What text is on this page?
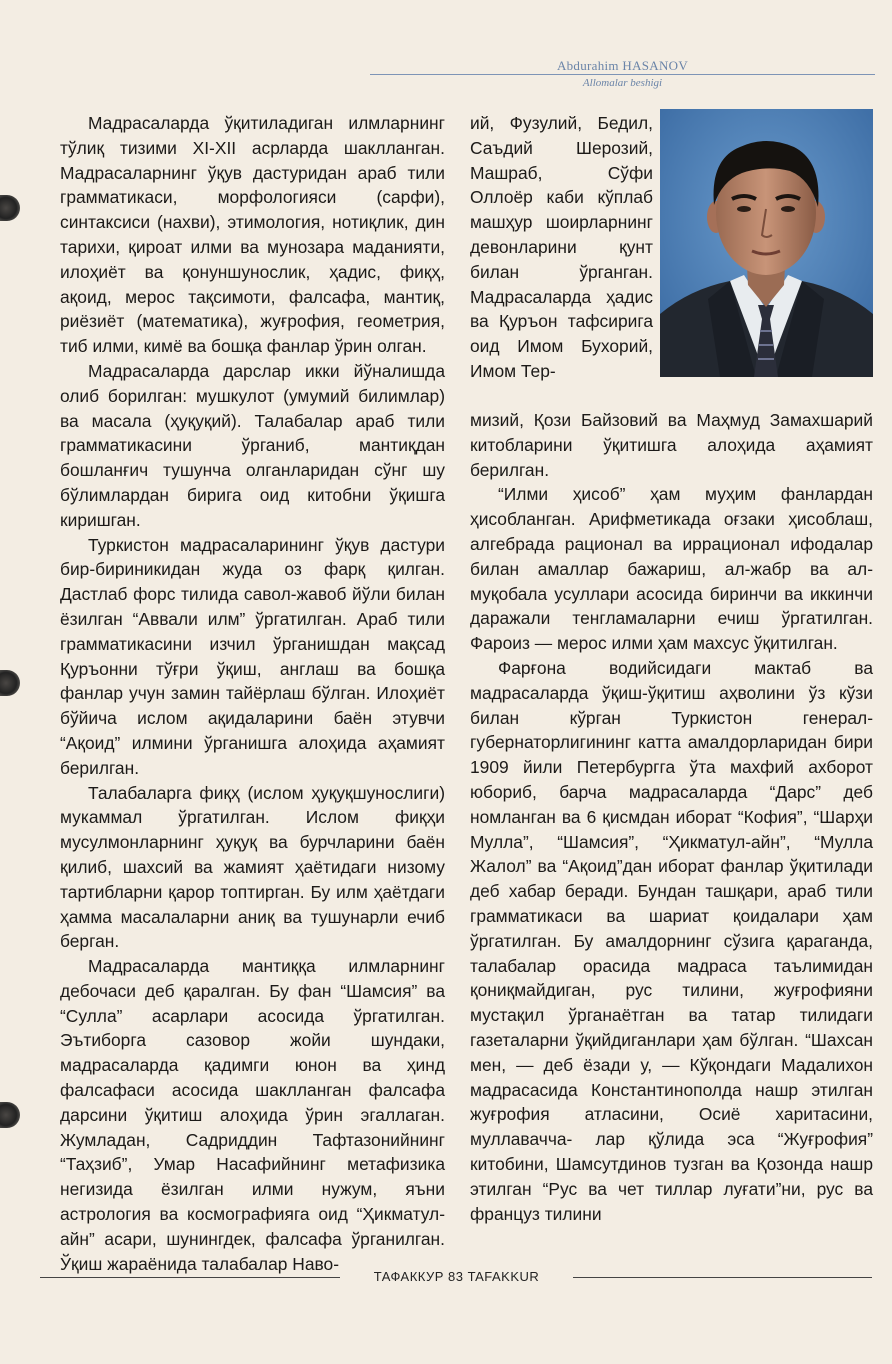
Abdurahim HASANOV
Allomalar beshigi

Мадрасаларда ўқитиладиган илмларнинг тўлиқ тизими XI-XII асрларда шаклланган. Мадрасаларнинг ўқув дастуридан араб тили грамматикаси, морфологияси (сарфи), синтаксиси (нахви), этимология, нотиқлик, дин тарихи, қироат илми ва мунозара маданияти, илоҳиёт ва қонуншунослик, ҳадис, фиқҳ, ақоид, мерос тақсимоти, фалсафа, мантиқ, риёзиёт (математика), жуғрофия, геометрия, тиб илми, кимё ва бошқа фанлар ўрин олган.

Мадрасаларда дарслар икки йўналишда олиб борилган: мушкулот (умумий билимлар) ва масала (ҳуқуқий). Талабалар араб тили грамматикасини ўрганиб, мантиқдан бошланғич тушунча олганларидан сўнг шу бўлимлардан бирига оид китобни ўқишга киришган.

Туркистон мадрасаларининг ўқув дастури бир-бириникидан жуда оз фарқ қилган. Дастлаб форс тилида савол-жавоб йўли билан ёзилган “Аввали илм” ўргатилган. Араб тили грамматикасини изчил ўрганишдан мақсад Қуръонни тўғри ўқиш, англаш ва бошқа фанлар учун замин тайёрлаш бўлган. Илоҳиёт бўйича ислом ақидаларини баён этувчи “Ақоид” илмини ўрганишга алоҳида аҳамият берилган.

Талабаларга фиқҳ (ислом ҳуқуқшунослиги) мукаммал ўргатилган. Ислом фиқҳи мусулмонларнинг ҳуқуқ ва бурчларини баён қилиб, шахсий ва жамият ҳаётидаги низому тартибларни қарор топтирган. Бу илм ҳаётдаги ҳамма масалаларни аниқ ва тушунарли ечиб берган.

Мадрасаларда мантиққа илмларнинг дебочаси деб қаралган. Бу фан “Шамсия” ва “Сулла” асарлари асосида ўргатилган. Эътиборга сазовор жойи шундаки, мадрасаларда қадимги юнон ва ҳинд фалсафаси асосида шаклланган фалсафа дарсини ўқитиш алоҳида ўрин эгаллаган. Жумладан, Садриддин Тафтазонийнинг “Таҳзиб”, Умар Насафийнинг метафизика негизида ёзилган илми нужум, яъни астрология ва космографияга оид “Ҳикматул-айн” асари, шунингдек, фалсафа ўрганилган. Ўқиш жараёнида талабалар Наво-

ий, Фузулий, Бедил, Саъдий Шерозий, Машраб, Сўфи Оллоёр каби кўплаб машҳур шоирларнинг девонларини қунт билан ўрганган. Мадрасаларда ҳадис ва Қуръон тафсирига оид Имом Бухорий, Имом Тер-

мизий, Қози Байзовий ва Маҳмуд Замахшарий китобларини ўқитишга алоҳида аҳамият берилган.

“Илми ҳисоб” ҳам муҳим фанлардан ҳисобланган. Арифметикада оғзаки ҳисоблаш, алгебрада рационал ва иррационал ифодалар билан амаллар бажариш, ал-жабр ва ал-муқобала усуллари асосида биринчи ва иккинчи даражали тенгламаларни ечиш ўргатилган. Фароиз — мерос илми ҳам махсус ўқитилган.

Фарғона водийсидаги мактаб ва мадрасаларда ўқиш-ўқитиш аҳволини ўз кўзи билан кўрган Туркистон генерал-губернаторлигининг катта амалдорларидан бири 1909 йили Петербургга ўта махфий ахборот юбориб, барча мадрасаларда “Дарс” деб номланган ва 6 қисмдан иборат “Кофия”, “Шарҳи Мулла”, “Шамсия”, “Ҳикматул-айн”, “Мулла Жалол” ва “Ақоид”дан иборат фанлар ўқитилади деб хабар беради. Бундан ташқари, араб тили грамматикаси ва шариат қоидалари ҳам ўргатилган. Бу амалдорнинг сўзига қараганда, талабалар орасида мадраса таълимидан қониқмайдиган, рус тилини, жуғрофияни мустақил ўрганаётган ва татар тилидаги газеталарни ўқийдиганлари ҳам бўлган. “Шахсан мен, — деб ёзади у, — Кўқондаги Мадалихон мадрасасида Константинополда нашр этилган жуғрофия атласини, Осиё харитасини, муллавачча- лар қўлида эса “Жуғрофия” китобини, Шамсутдинов тузган ва Қозонда нашр этилган “Рус ва чет тиллар луғати”ни, рус ва француз тилини

ТАФАККУР 83 TAFAKKUR
